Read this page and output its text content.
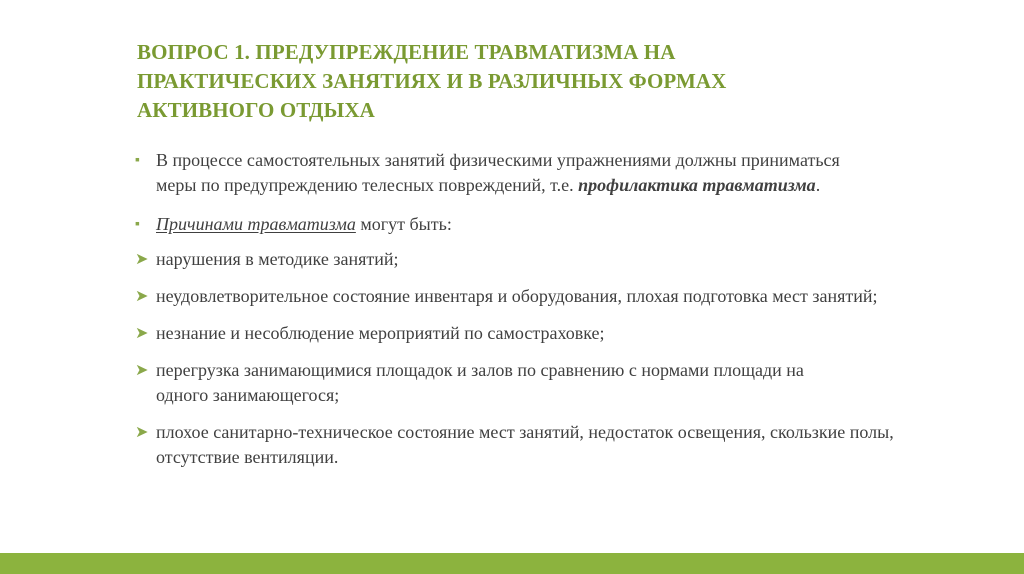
ВОПРОС 1. ПРЕДУПРЕЖДЕНИЕ ТРАВМАТИЗМА НА
ПРАКТИЧЕСКИХ ЗАНЯТИЯХ И В РАЗЛИЧНЫХ ФОРМАХ
АКТИВНОГО ОТДЫХА
▪ В процессе самостоятельных занятий физическими упражнениями должны приниматься меры по предупреждению телесных повреждений, т.е. профилактика травматизма.
▪ Причинами травматизма могут быть:
➤ нарушения в методике занятий;
➤ неудовлетворительное состояние инвентаря и оборудования, плохая подготовка мест занятий;
➤ незнание и несоблюдение мероприятий по самостраховке;
➤ перегрузка занимающимися площадок и залов по сравнению с нормами площади на одного занимающегося;
➤ плохое санитарно-техническое состояние мест занятий, недостаток освещения, скользкие полы, отсутствие вентиляции.
